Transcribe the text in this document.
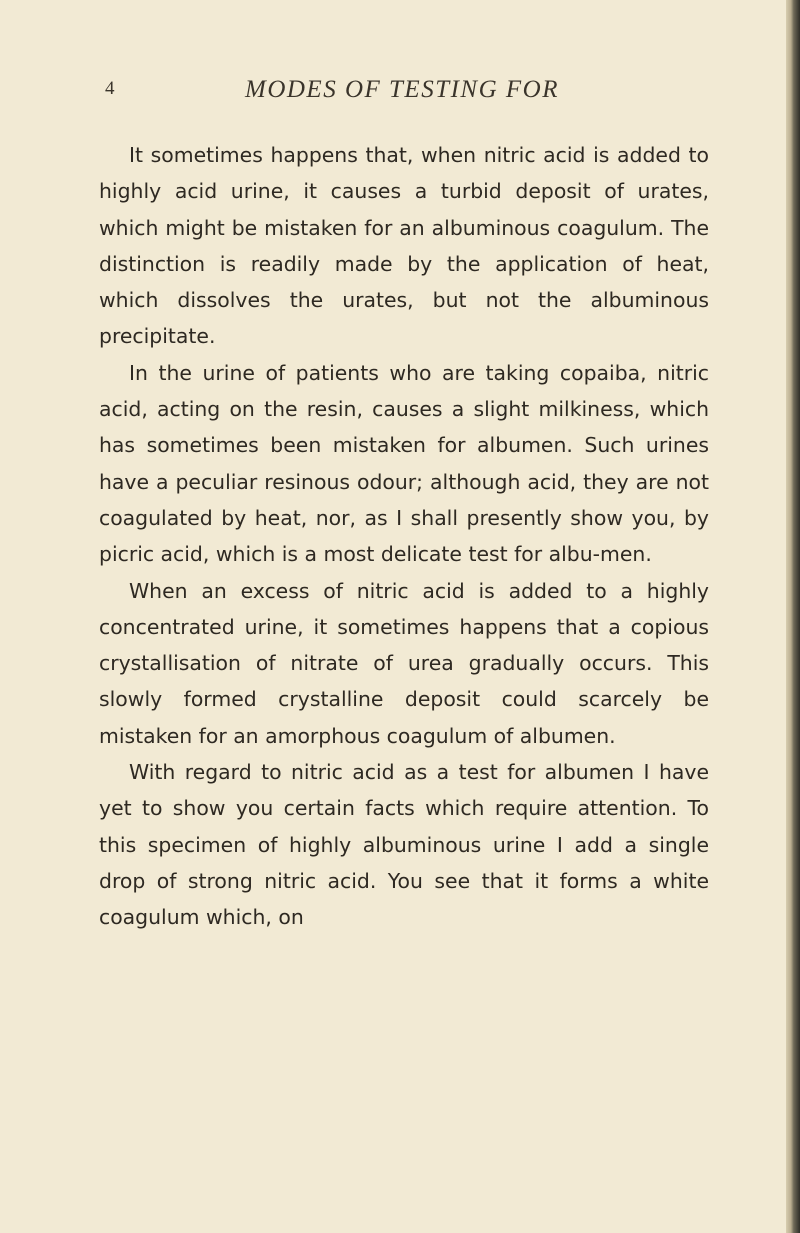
4	MODES OF TESTING FOR

It sometimes happens that, when nitric acid is added to highly acid urine, it causes a turbid deposit of urates, which might be mistaken for an albuminous coagulum. The distinction is readily made by the application of heat, which dissolves the urates, but not the albuminous precipitate.

In the urine of patients who are taking copaiba, nitric acid, acting on the resin, causes a slight milkiness, which has sometimes been mistaken for albumen. Such urines have a peculiar resinous odour; although acid, they are not coagulated by heat, nor, as I shall presently show you, by picric acid, which is a most delicate test for albu-men.

When an excess of nitric acid is added to a highly concentrated urine, it sometimes happens that a copious crystallisation of nitrate of urea gradually occurs. This slowly formed crystalline deposit could scarcely be mistaken for an amorphous coagulum of albumen.

With regard to nitric acid as a test for albumen I have yet to show you certain facts which require attention. To this specimen of highly albuminous urine I add a single drop of strong nitric acid. You see that it forms a white coagulum which, on
